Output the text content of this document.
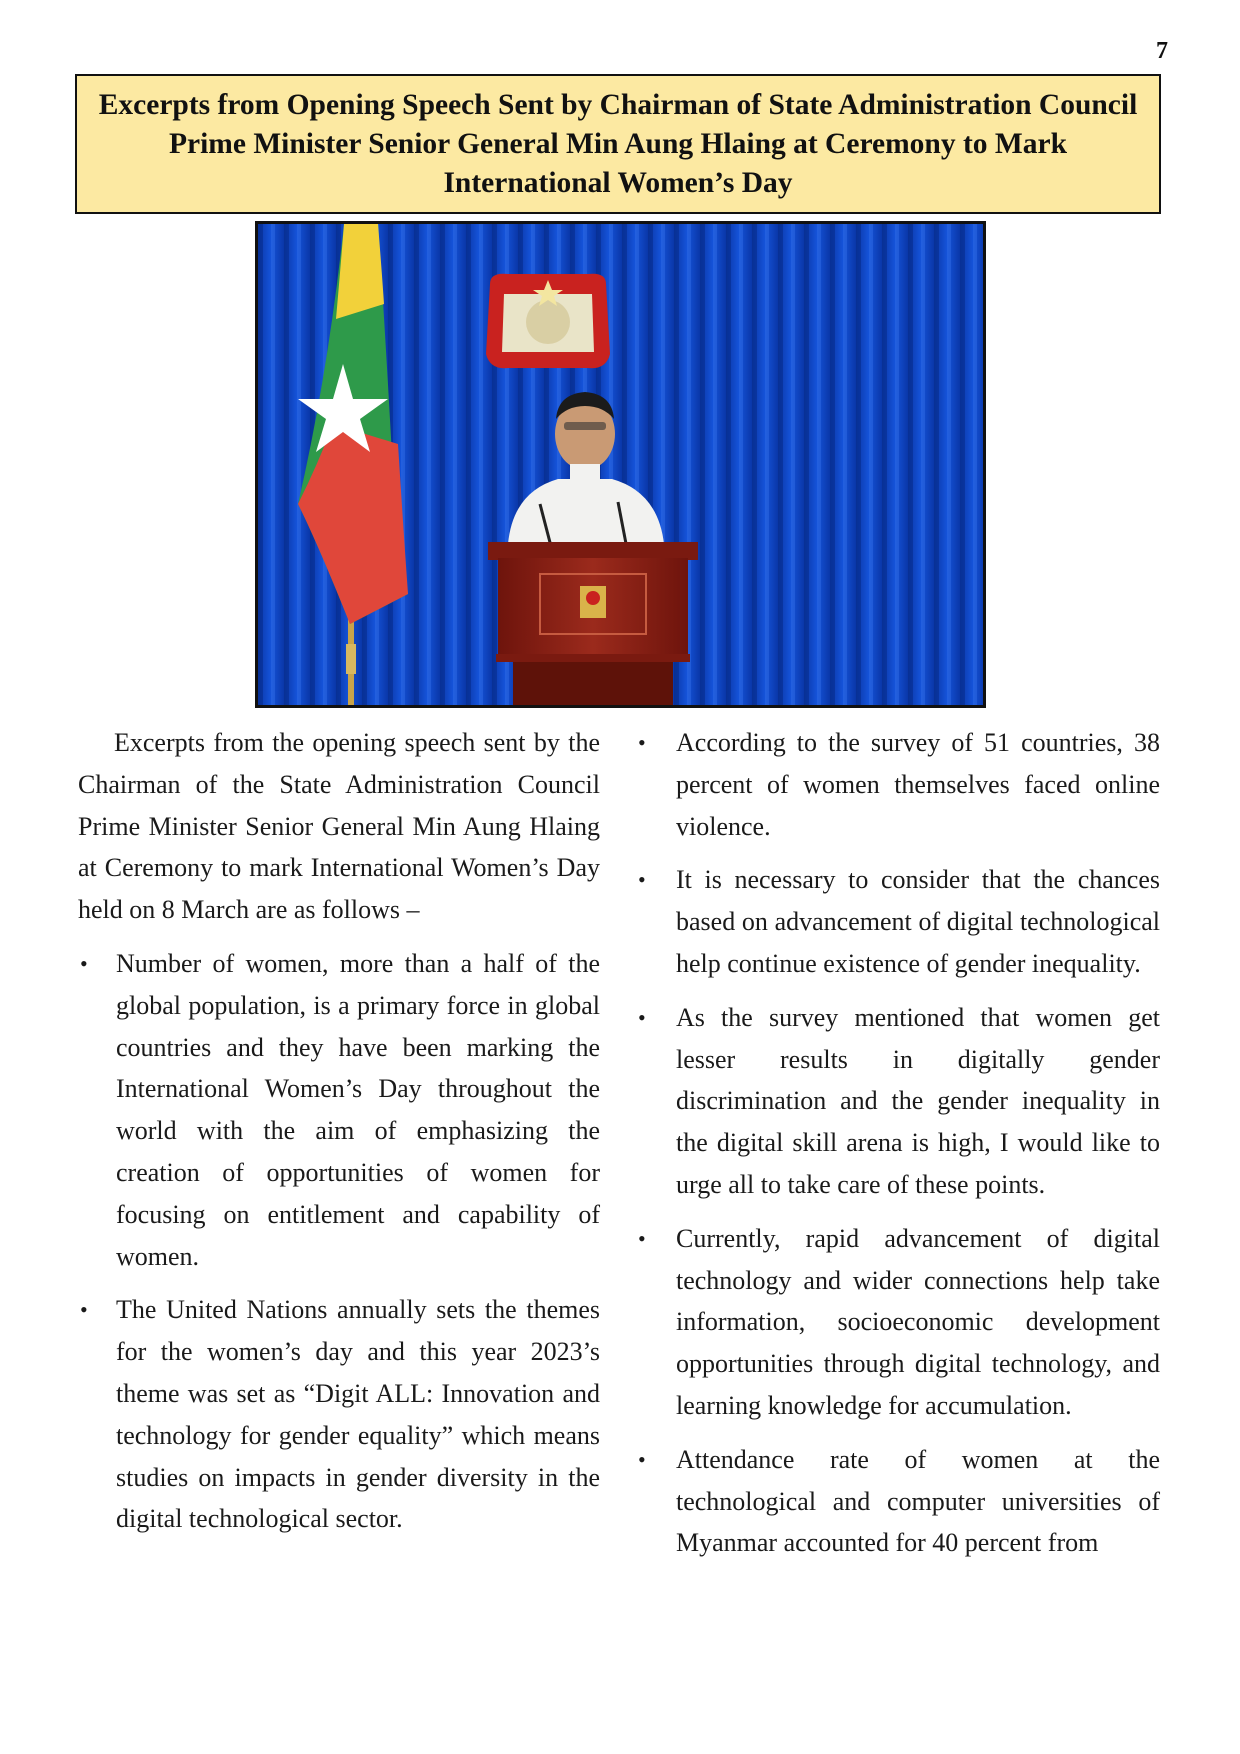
7
Excerpts from Opening Speech Sent by Chairman of State Administration Council Prime Minister Senior General Min Aung Hlaing at Ceremony to Mark International Women’s Day

Excerpts from the opening speech sent by the Chairman of the State Administration Council Prime Minister Senior General Min Aung Hlaing at Ceremony to mark International Women’s Day held on 8 March are as follows –

• Number of women, more than a half of the global population, is a primary force in global countries and they have been marking the International Women’s Day throughout the world with the aim of emphasizing the creation of opportunities of women for focusing on entitlement and capability of women.
• The United Nations annually sets the themes for the women’s day and this year 2023’s theme was set as “Digit ALL: Innovation and technology for gender equality” which means studies on impacts in gender diversity in the digital technological sector.
• According to the survey of 51 countries, 38 percent of women themselves faced online violence.
• It is necessary to consider that the chances based on advancement of digital technological help continue existence of gender inequality.
• As the survey mentioned that women get lesser results in digitally gender discrimination and the gender inequality in the digital skill arena is high, I would like to urge all to take care of these points.
• Currently, rapid advancement of digital technology and wider connections help take information, socioeconomic development opportunities through digital technology, and learning knowledge for accumulation.
• Attendance rate of women at the technological and computer universities of Myanmar accounted for 40 percent from
